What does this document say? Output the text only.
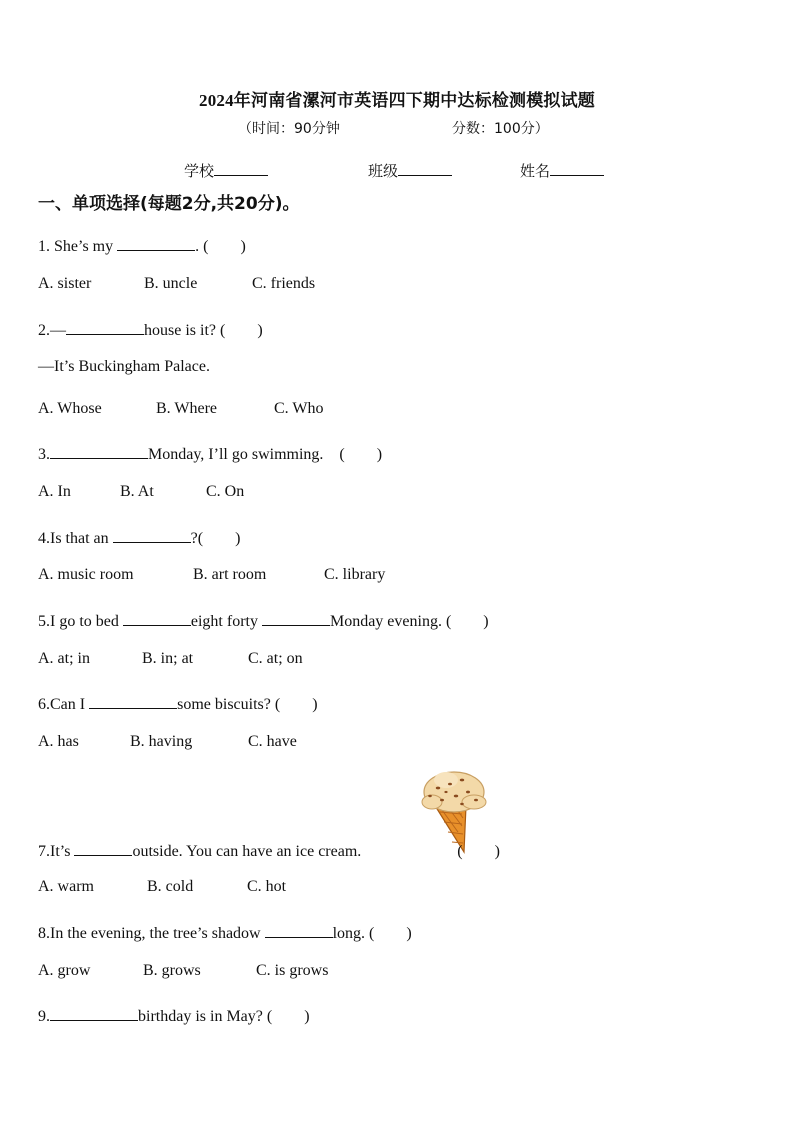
2024年河南省漯河市英语四下期中达标检测模拟试题
（时间：90分钟	分数：100分）
学校	班级	姓名
一、单项选择(每题2分,共20分)。
1. She’s my	. (　　)
A. sister	B. uncle	C. friends
2.—	house is it? (　　)
—It’s Buckingham Palace.
A. Whose	B. Where	C. Who
3.	Monday, I’ll go swimming.　(　　)
A. In	B. At	C. On
4.Is that an	?(　　)
A. music room	B. art room	C. library
5.I go to bed	eight forty	Monday evening. (　　)
A. at; in	B. in; at	C. at; on
6.Can I	some biscuits? (　　)
A. has	B. having	C. have
7.It’s	outside. You can have an ice cream.	(　　)
A. warm	B. cold	C. hot
8.In the evening, the tree’s shadow	long. (　　)
A. grow	B. grows	C. is grows
9.	birthday is in May? (　　)
